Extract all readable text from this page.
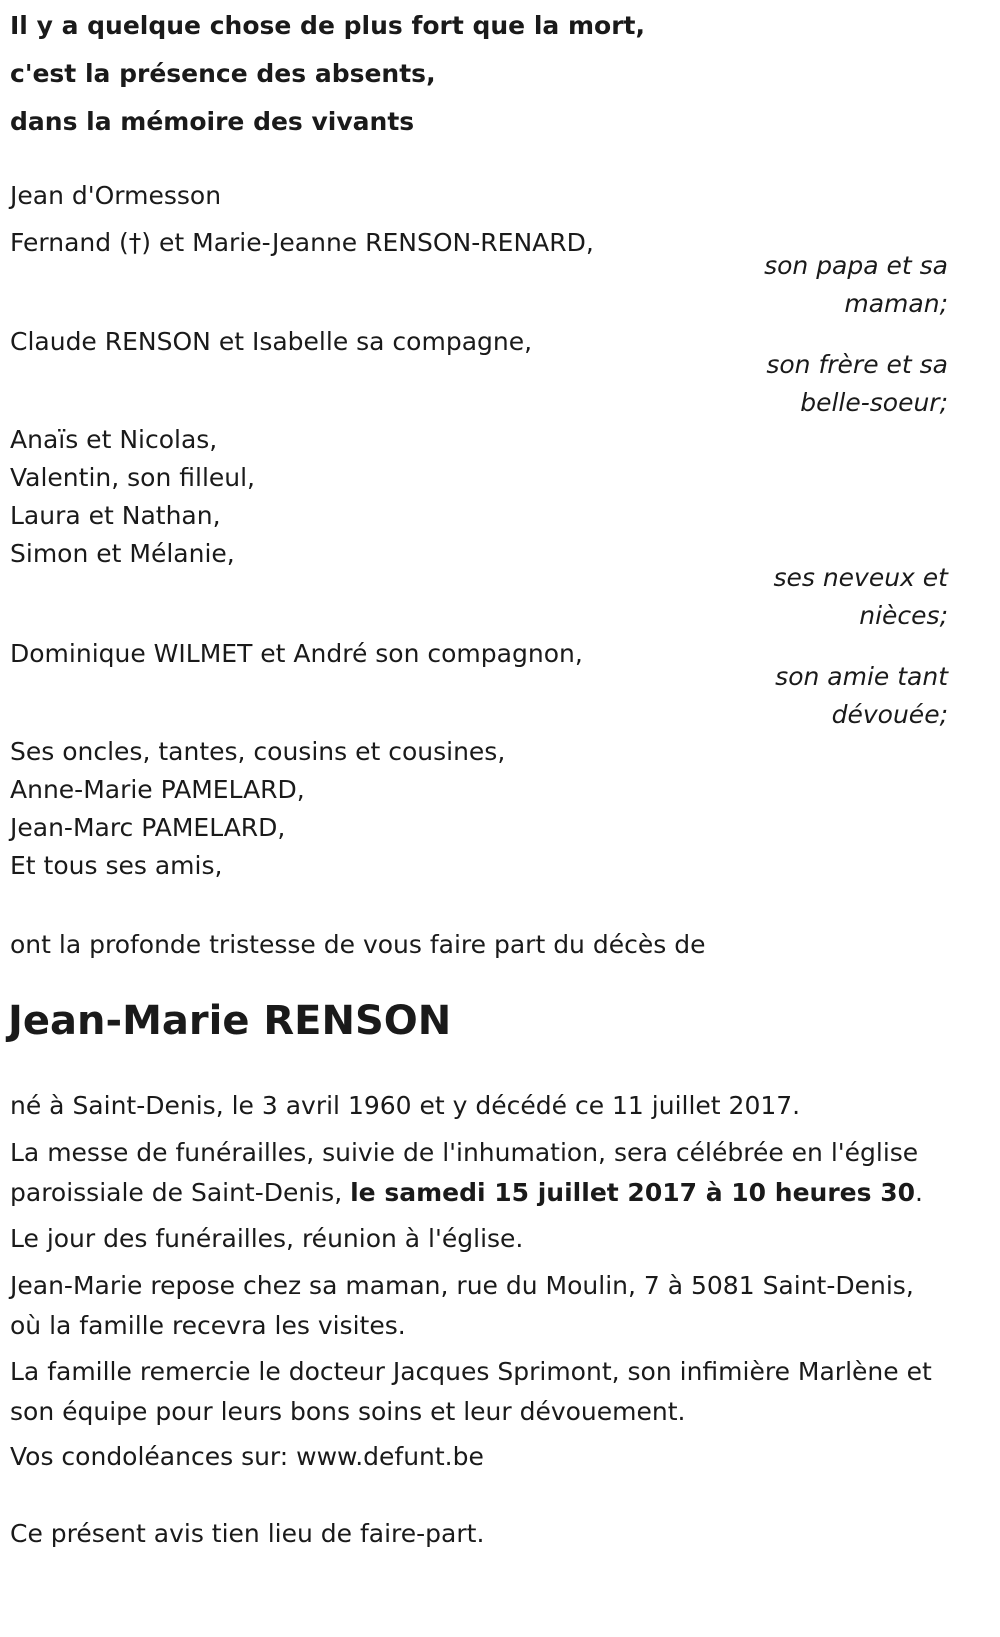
Il y a quelque chose de plus fort que la mort,
c'est la présence des absents,
dans la mémoire des vivants
Jean d'Ormesson
Fernand (†) et Marie-Jeanne RENSON-RENARD,
son papa et sa
maman;
Claude RENSON et Isabelle sa compagne,
son frère et sa
belle-soeur;
Anaïs et Nicolas,
Valentin, son filleul,
Laura et Nathan,
Simon et Mélanie,
ses neveux et
nièces;
Dominique WILMET et André son compagnon,
son amie tant
dévouée;
Ses oncles, tantes, cousins et cousines,
Anne-Marie PAMELARD,
Jean-Marc PAMELARD,
Et tous ses amis,
ont la profonde tristesse de vous faire part du décès de
Jean-Marie RENSON
né à Saint-Denis, le 3 avril 1960 et y décédé ce 11 juillet 2017.
La messe de funérailles, suivie de l'inhumation, sera célébrée en l'église paroissiale de Saint-Denis, le samedi 15 juillet 2017 à 10 heures 30.
Le jour des funérailles, réunion à l'église.
Jean-Marie repose chez sa maman, rue du Moulin, 7 à 5081 Saint-Denis, où la famille recevra les visites.
La famille remercie le docteur Jacques Sprimont, son infimière Marlène et son équipe pour leurs bons soins et leur dévouement.
Vos condoléances sur: www.defunt.be
Ce présent avis tien lieu de faire-part.
